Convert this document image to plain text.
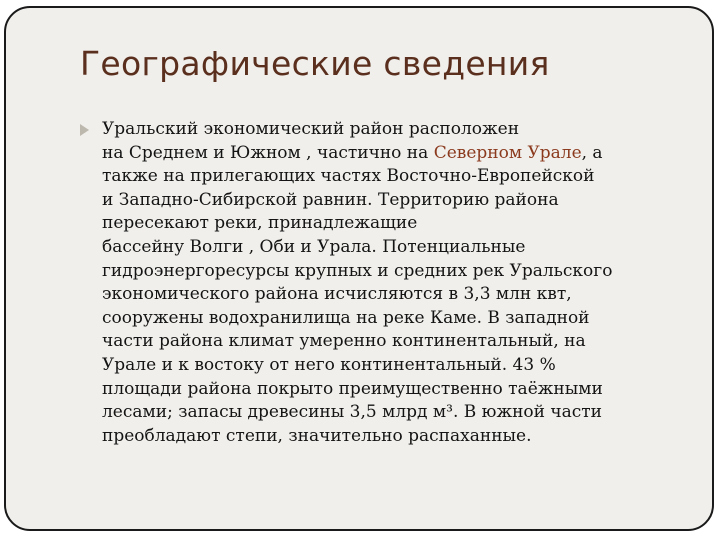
Географические сведения

Уральский экономический район расположен
на Среднем и Южном , частично на Северном Урале, а
также на прилегающих частях Восточно-Европейской
и Западно-Сибирской равнин. Территорию района
пересекают реки, принадлежащие
бассейну Волги , Оби и Урала. Потенциальные
гидроэнергоресурсы крупных и средних рек Уральского
экономического района исчисляются в 3,3 млн квт,
сооружены водохранилища на реке Каме. В западной
части района климат умеренно континентальный, на
Урале и к востоку от него континентальный. 43 %
площади района покрыто преимущественно таёжными
лесами; запасы древесины 3,5 млрд м³. В южной части
преобладают степи, значительно распаханные.
